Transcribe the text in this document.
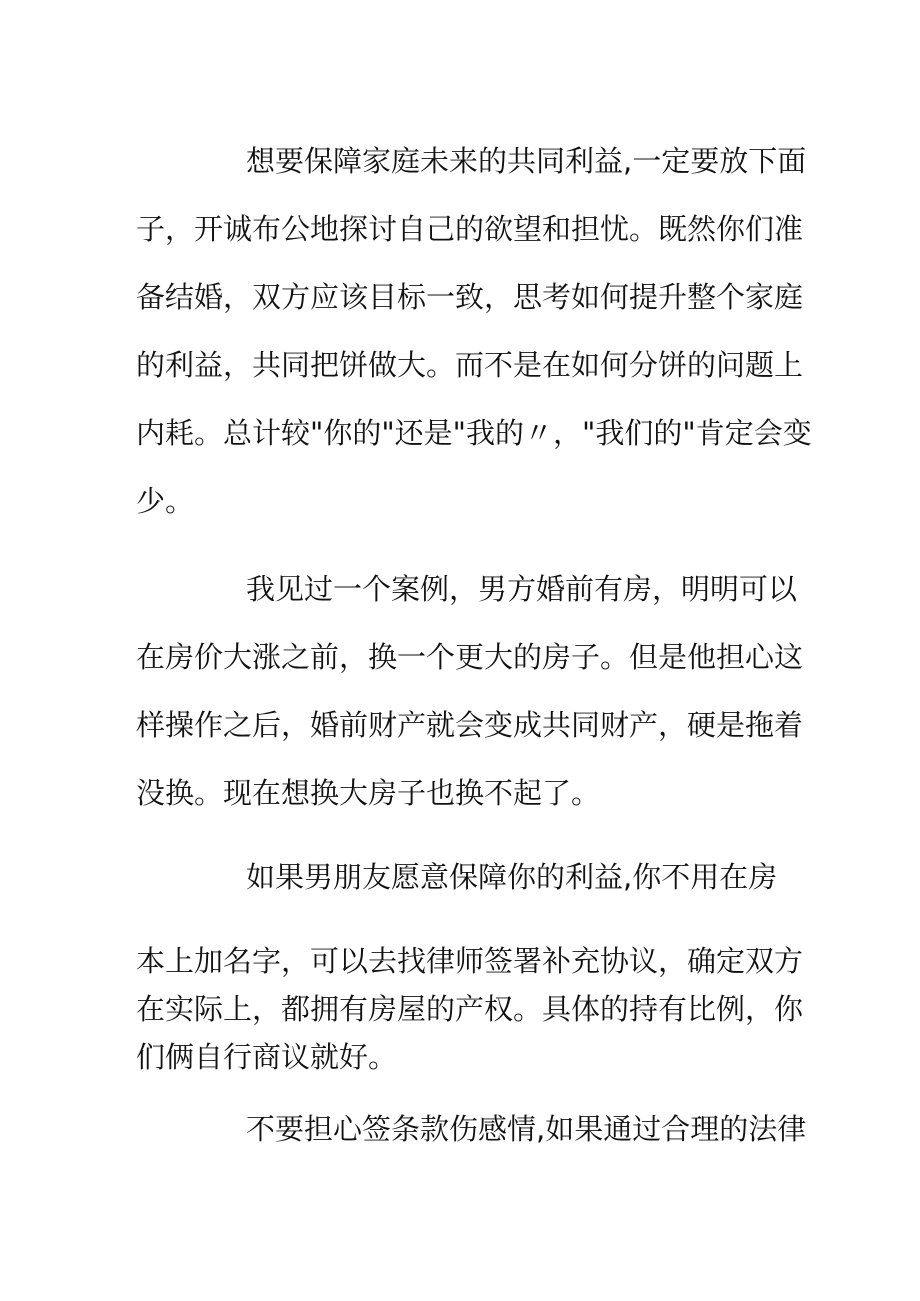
想要保障家庭未来的共同利益,一定要放下面
子，开诚布公地探讨自己的欲望和担忧。既然你们准
备结婚，双方应该目标一致，思考如何提升整个家庭
的利益，共同把饼做大。而不是在如何分饼的问题上
内耗。总计较"你的"还是"我的〃，"我们的"肯定会变
少。
我见过一个案例，男方婚前有房，明明可以
在房价大涨之前，换一个更大的房子。但是他担心这
样操作之后，婚前财产就会变成共同财产，硬是拖着
没换。现在想换大房子也换不起了。
如果男朋友愿意保障你的利益,你不用在房
本上加名字，可以去找律师签署补充协议，确定双方
在实际上，都拥有房屋的产权。具体的持有比例，你
们俩自行商议就好。
不要担心签条款伤感情,如果通过合理的法律
